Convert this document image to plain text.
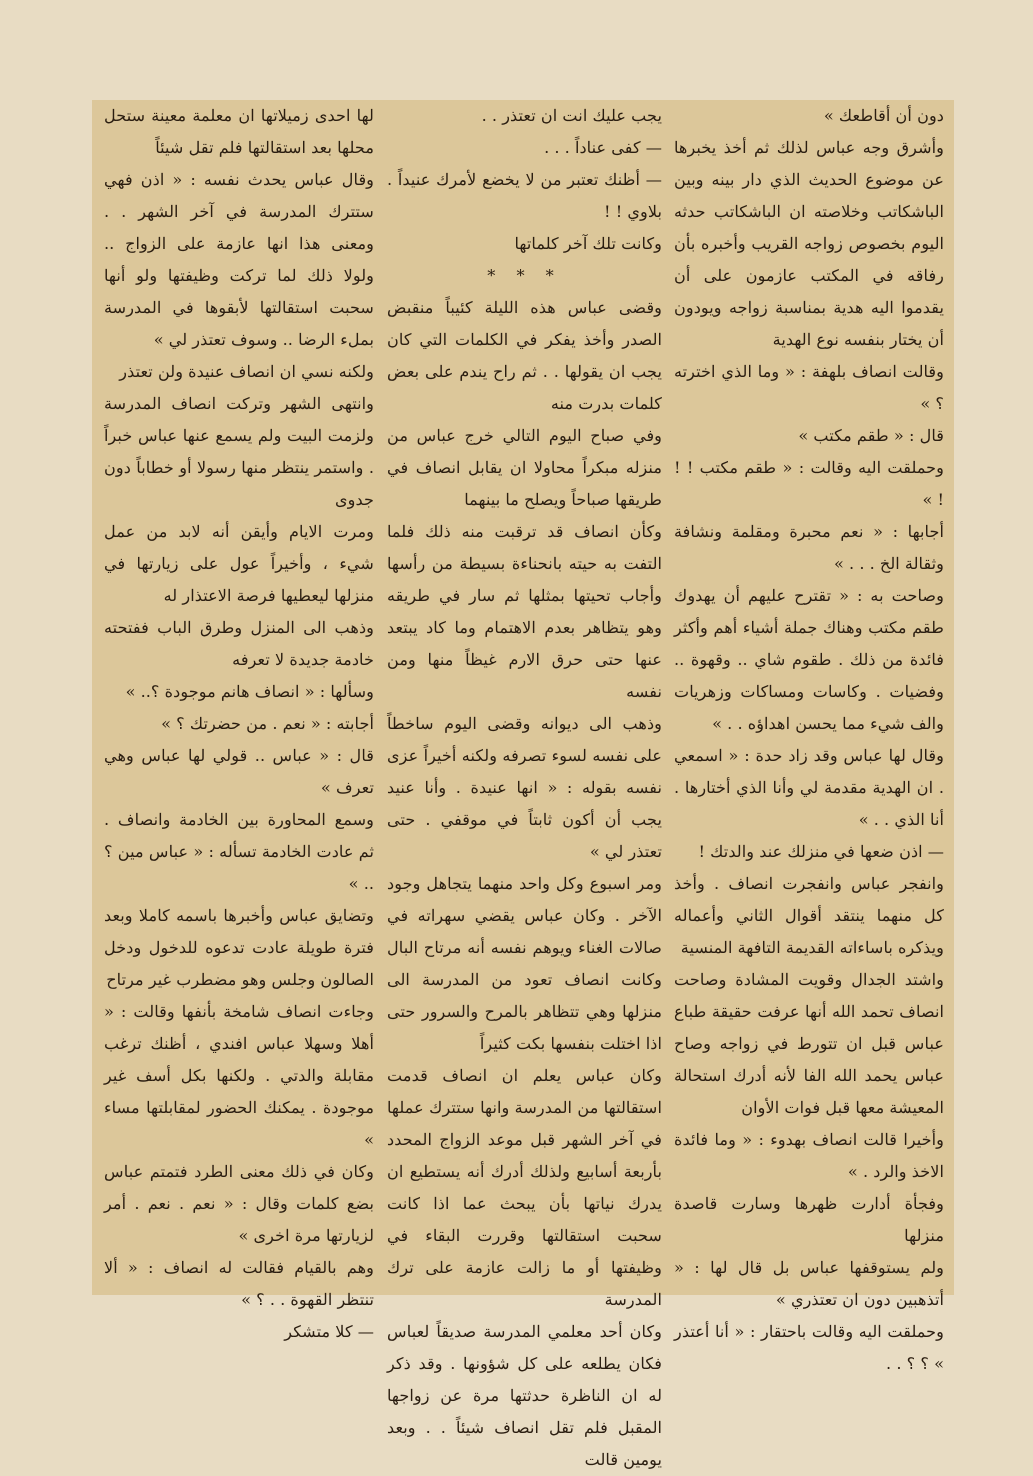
دون أن أقاطعك »

وأشرق وجه عباس لذلك ثم أخذ يخبرها عن موضوع الحديث الذي دار بينه وبين الباشكاتب وخلاصته ان الباشكاتب حدثه اليوم بخصوص زواجه القريب وأخبره بأن رفاقه في المكتب عازمون على أن يقدموا اليه هدية بمناسبة زواجه ويودون أن يختار بنفسه نوع الهدية

وقالت انصاف بلهفة : « وما الذي اخترته ؟ »

قال : « طقم مكتب »

وحملقت اليه وقالت : « طقم مكتب ! ! ! »

أجابها : « نعم محبرة ومقلمة ونشافة وثقالة الخ . . . »

وصاحت به : « تقترح عليهم أن يهدوك طقم مكتب وهناك جملة أشياء أهم وأكثر فائدة من ذلك . طقوم شاي .. وقهوة .. وفضيات . وكاسات ومساكات وزهريات والف شيء مما يحسن اهداؤه . . »

وقال لها عباس وقد زاد حدة : « اسمعي . ان الهدية مقدمة لي وأنا الذي أختارها . أنا الذي . . »

— اذن ضعها في منزلك عند والدتك !

وانفجر عباس وانفجرت انصاف . وأخذ كل منهما ينتقد أقوال الثاني وأعماله ويذكره باساءاته القديمة التافهة المنسية

واشتد الجدال وقويت المشادة وصاحت انصاف تحمد الله أنها عرفت حقيقة طباع عباس قبل ان تتورط في زواجه وصاح عباس يحمد الله الفا لأنه أدرك استحالة المعيشة معها قبل فوات الأوان

وأخيرا قالت انصاف بهدوء : « وما فائدة الاخذ والرد . »

وفجأة أدارت ظهرها وسارت قاصدة منزلها

ولم يستوقفها عباس بل قال لها : « أتذهبين دون ان تعتذري »

وحملقت اليه وقالت باحتقار : « أنا أعتذر » ؟ ؟ . .

يجب عليك انت ان تعتذر . .

— كفى عناداً . . .

— أظنك تعتبر من لا يخضع لأمرك عنيداً . بلاوي ! !

وكانت تلك آخر كلماتها

* * *

وقضى عباس هذه الليلة كئيباً منقبض الصدر وأخذ يفكر في الكلمات التي كان يجب ان يقولها . . ثم راح يندم على بعض كلمات بدرت منه

وفي صباح اليوم التالي خرج عباس من منزله مبكراً محاولا ان يقابل انصاف في طريقها صباحاً ويصلح ما بينهما

وكأن انصاف قد ترقبت منه ذلك فلما التفت به حيته بانحناءة بسيطة من رأسها وأجاب تحيتها بمثلها ثم سار في طريقه وهو يتظاهر بعدم الاهتمام وما كاد يبتعد عنها حتى حرق الارم غيظاً منها ومن نفسه

وذهب الى ديوانه وقضى اليوم ساخطاً على نفسه لسوء تصرفه ولكنه أخيراً عزى نفسه بقوله : « انها عنيدة . وأنا عنيد يجب أن أكون ثابتاً في موقفي . حتى تعتذر لي »

ومر اسبوع وكل واحد منهما يتجاهل وجود الآخر . وكان عباس يقضي سهراته في صالات الغناء ويوهم نفسه أنه مرتاح البال وكانت انصاف تعود من المدرسة الى منزلها وهي تتظاهر بالمرح والسرور حتى اذا اختلت بنفسها بكت كثيراً

وكان عباس يعلم ان انصاف قدمت استقالتها من المدرسة وانها ستترك عملها في آخر الشهر قبل موعد الزواج المحدد بأربعة أسابيع ولذلك أدرك أنه يستطيع ان يدرك نياتها بأن يبحث عما اذا كانت سحبت استقالتها وقررت البقاء في وظيفتها أو ما زالت عازمة على ترك المدرسة

وكان أحد معلمي المدرسة صديقاً لعباس فكان يطلعه على كل شؤونها . وقد ذكر له ان الناظرة حدثتها مرة عن زواجها المقبل فلم تقل انصاف شيئاً . . وبعد يومين قالت

لها احدى زميلاتها ان معلمة معينة ستحل محلها بعد استقالتها فلم تقل شيئاً

وقال عباس يحدث نفسه : « اذن فهي ستترك المدرسة في آخر الشهر . . ومعنى هذا انها عازمة على الزواج .. ولولا ذلك لما تركت وظيفتها ولو أنها سحبت استقالتها لأبقوها في المدرسة بملء الرضا .. وسوف تعتذر لي »

ولكنه نسي ان انصاف عنيدة ولن تعتذر

وانتهى الشهر وتركت انصاف المدرسة ولزمت البيت ولم يسمع عنها عباس خبراً . واستمر ينتظر منها رسولا أو خطاباً دون جدوى

ومرت الايام وأيقن أنه لابد من عمل شيء ، وأخيراً عول على زيارتها في منزلها ليعطيها فرصة الاعتذار له

وذهب الى المنزل وطرق الباب ففتحته خادمة جديدة لا تعرفه

وسألها : « انصاف هانم موجودة ؟.. »

أجابته : « نعم . من حضرتك ؟ »

قال : « عباس .. قولي لها عباس وهي تعرف »

وسمع المحاورة بين الخادمة وانصاف . ثم عادت الخادمة تسأله : « عباس مين ؟ .. »

وتضايق عباس وأخبرها باسمه كاملا وبعد فترة طويلة عادت تدعوه للدخول ودخل الصالون وجلس وهو مضطرب غير مرتاح

وجاءت انصاف شامخة بأنفها وقالت : « أهلا وسهلا عباس افندي ، أظنك ترغب مقابلة والدتي . ولكنها بكل أسف غير موجودة . يمكنك الحضور لمقابلتها مساء »

وكان في ذلك معنى الطرد فتمتم عباس بضع كلمات وقال : « نعم . نعم . أمر لزيارتها مرة اخرى »

وهم بالقيام فقالت له انصاف : « ألا تنتظر القهوة . . ؟ »

— كلا متشكر
